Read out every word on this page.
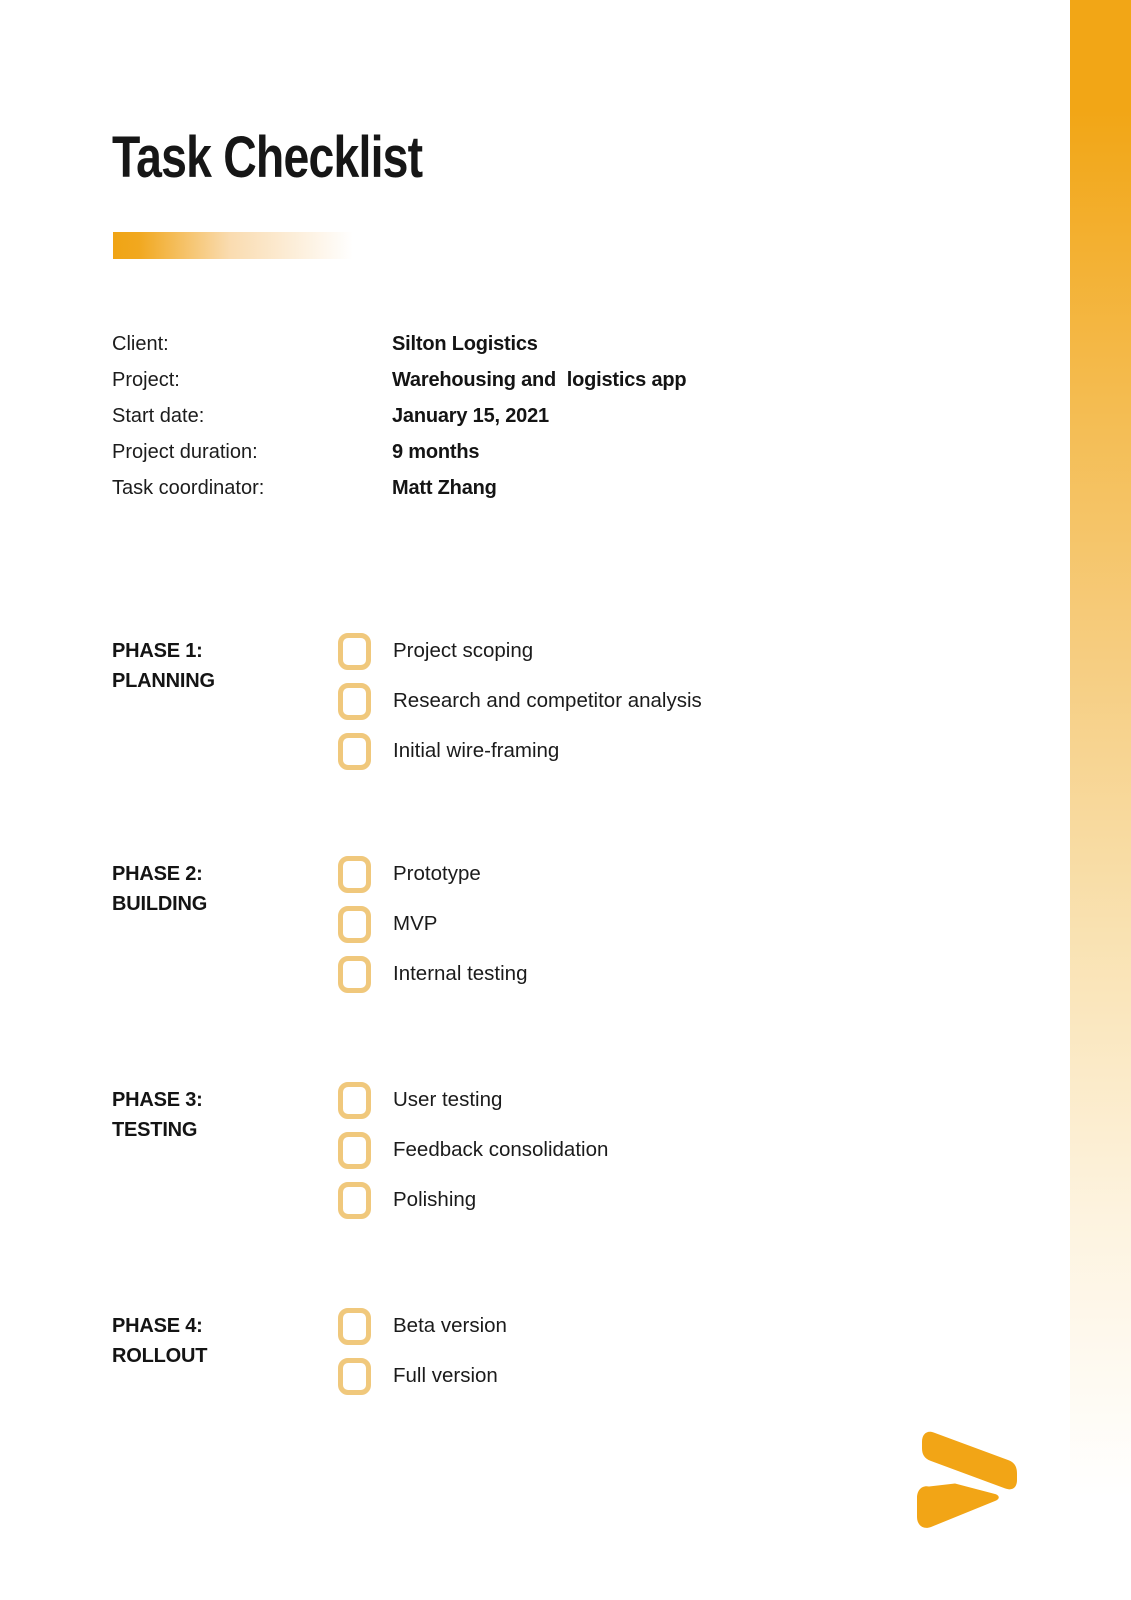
Task Checklist
Client:	Silton Logistics
Project:	Warehousing and  logistics app
Start date:	January 15, 2021
Project duration:	9 months
Task coordinator:	Matt Zhang
PHASE 1:
PLANNING
Project scoping
Research and competitor analysis
Initial wire-framing
PHASE 2:
BUILDING
Prototype
MVP
Internal testing
PHASE 3:
TESTING
User testing
Feedback consolidation
Polishing
PHASE 4:
ROLLOUT
Beta version
Full version
